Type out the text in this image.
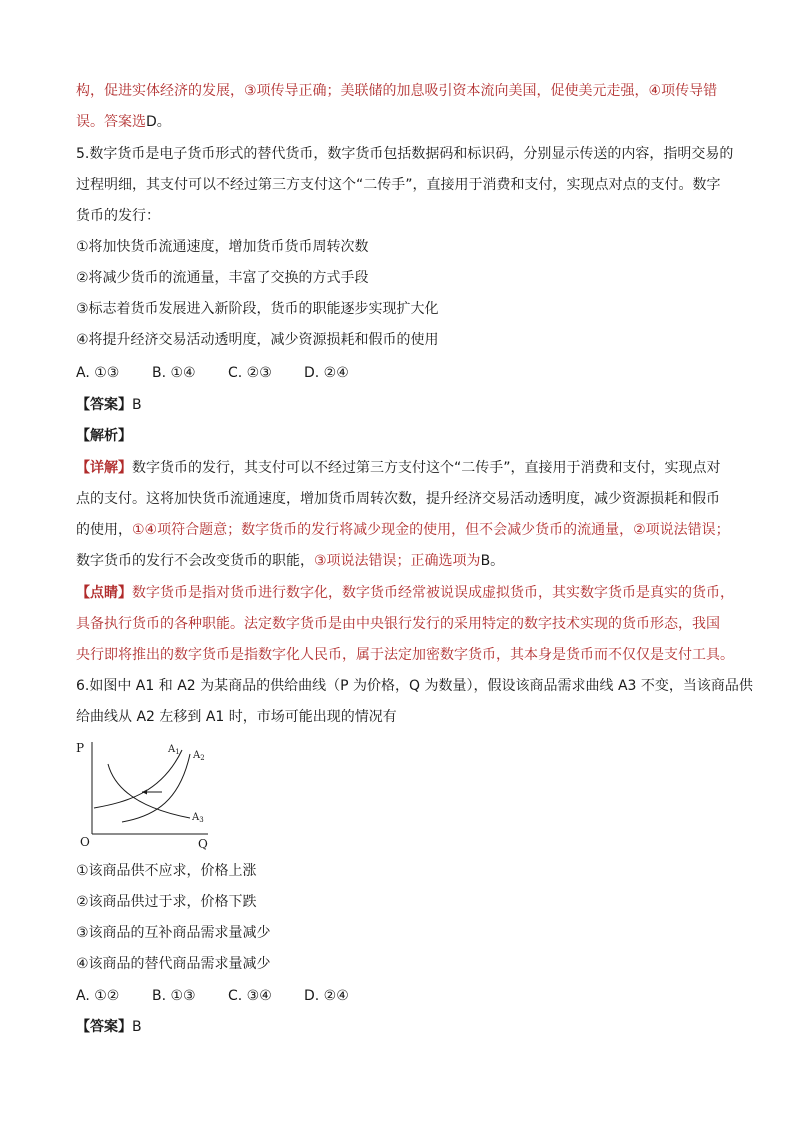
构，促进实体经济的发展，③项传导正确；美联储的加息吸引资本流向美国，促使美元走强，④项传导错
误。答案选D。
5.数字货币是电子货币形式的替代货币，数字货币包括数据码和标识码，分别显示传送的内容，指明交易的
过程明细，其支付可以不经过第三方支付这个“二传手”，直接用于消费和支付，实现点对点的支付。数字
货币的发行：
①将加快货币流通速度，增加货币货币周转次数
②将减少货币的流通量，丰富了交换的方式手段
③标志着货币发展进入新阶段，货币的职能逐步实现扩大化
④将提升经济交易活动透明度，减少资源损耗和假币的使用
A. ①③ B. ①④ C. ②③ D. ②④
【答案】B
【解析】
【详解】数字货币的发行，其支付可以不经过第三方支付这个“二传手”，直接用于消费和支付，实现点对
点的支付。这将加快货币流通速度，增加货币周转次数，提升经济交易活动透明度，减少资源损耗和假币
的使用，①④项符合题意；数字货币的发行将减少现金的使用，但不会减少货币的流通量，②项说法错误；
数字货币的发行不会改变货币的职能，③项说法错误；正确选项为B。
【点睛】数字货币是指对货币进行数字化，数字货币经常被说误成虚拟货币，其实数字货币是真实的货币，
具备执行货币的各种职能。法定数字货币是由中央银行发行的采用特定的数字技术实现的货币形态，我国
央行即将推出的数字货币是指数字化人民币，属于法定加密数字货币，其本身是货币而不仅仅是支付工具。
6.如图中 A1 和 A2 为某商品的供给曲线（P 为价格，Q 为数量），假设该商品需求曲线 A3 不变，当该商品供
给曲线从 A2 左移到 A1 时，市场可能出现的情况有
P
Q
O
$A_1$ $A_2$
$A_3$
①该商品供不应求，价格上涨
②该商品供过于求，价格下跌
③该商品的互补商品需求量减少
④该商品的替代商品需求量减少
A. ①② B. ①③ C. ③④ D. ②④
【答案】B
